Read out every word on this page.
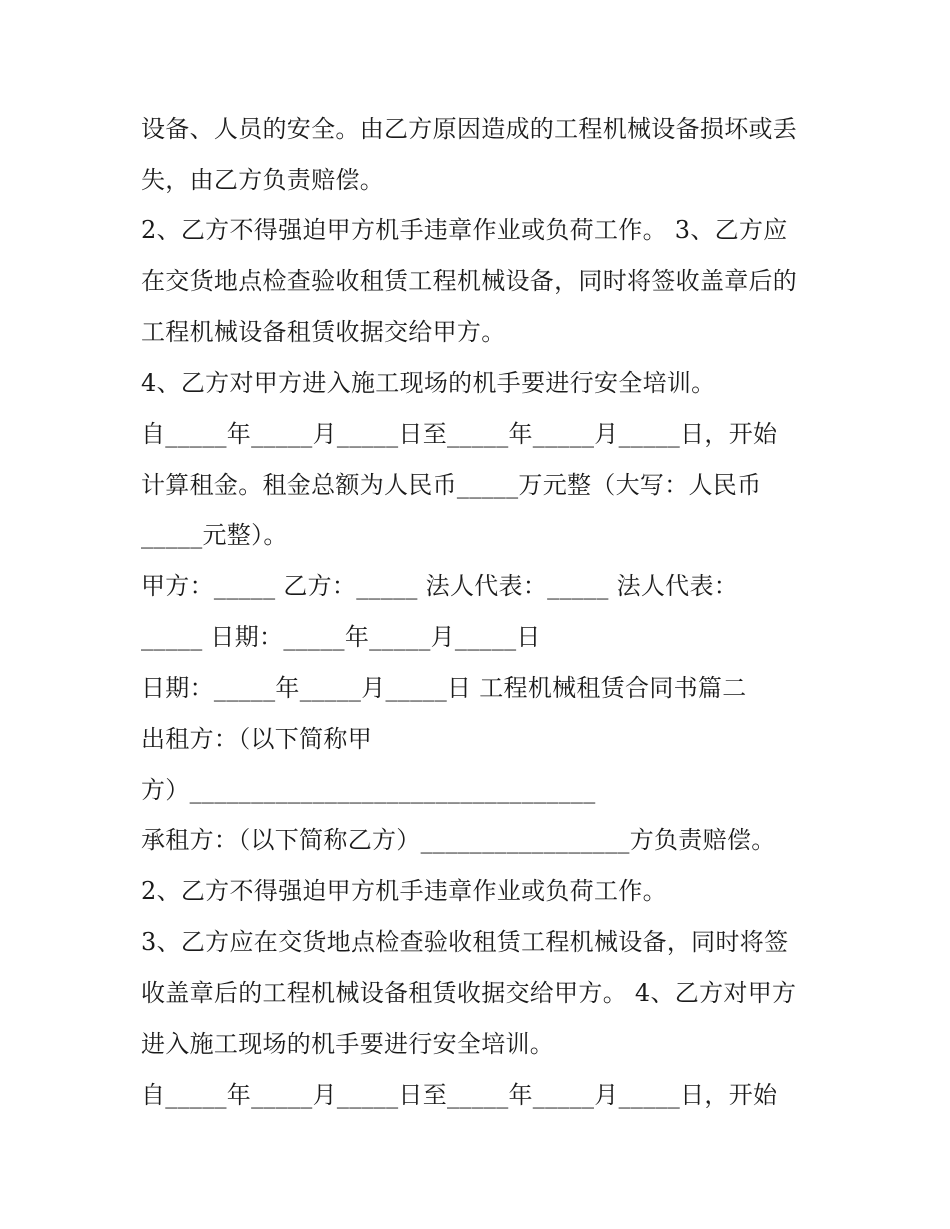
设备、人员的安全。由乙方原因造成的工程机械设备损坏或丢
失，由乙方负责赔偿。
2、乙方不得强迫甲方机手违章作业或负荷工作。 3、乙方应
在交货地点检查验收租赁工程机械设备，同时将签收盖章后的
工程机械设备租赁收据交给甲方。
4、乙方对甲方进入施工现场的机手要进行安全培训。
自_____年_____月_____日至_____年_____月_____日，开始
计算租金。租金总额为人民币_____万元整（大写：人民币
_____元整）。
甲方：_____ 乙方：_____ 法人代表：_____ 法人代表：
_____ 日期：_____年_____月_____日
日期：_____年_____月_____日 工程机械租赁合同书篇二
出租方：（以下简称甲
方）_________________________________
承租方：（以下简称乙方）_________________方负责赔偿。
2、乙方不得强迫甲方机手违章作业或负荷工作。
3、乙方应在交货地点检查验收租赁工程机械设备，同时将签
收盖章后的工程机械设备租赁收据交给甲方。 4、乙方对甲方
进入施工现场的机手要进行安全培训。
自_____年_____月_____日至_____年_____月_____日，开始
